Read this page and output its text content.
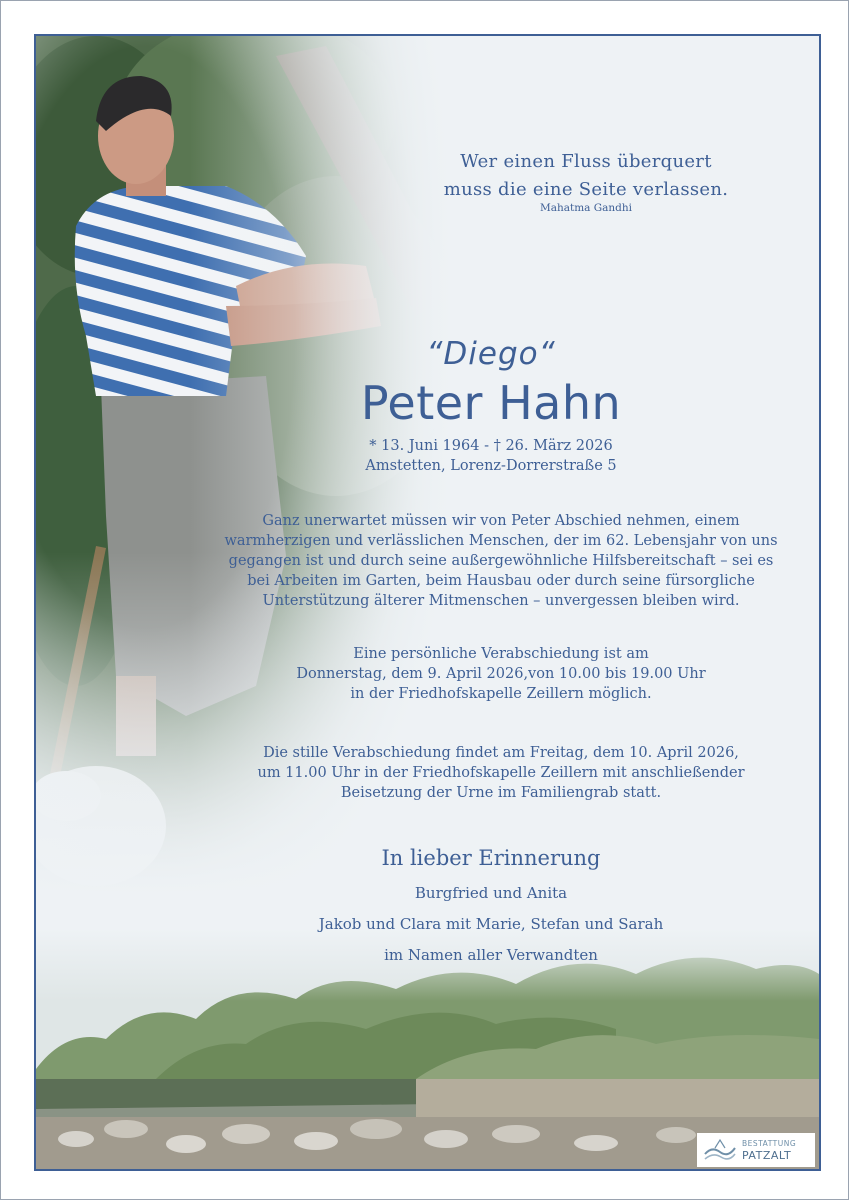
Wer einen Fluss überquert
muss die eine Seite verlassen.
Mahatma Gandhi
“Diego“
Peter Hahn
* 13. Juni 1964 - † 26. März 2026
Amstetten, Lorenz-Dorrerstraße 5
Ganz unerwartet müssen wir von Peter Abschied nehmen, einem
warmherzigen und verlässlichen Menschen, der im 62. Lebensjahr von uns
gegangen ist und durch seine außergewöhnliche Hilfsbereitschaft – sei es
bei Arbeiten im Garten, beim Hausbau oder durch seine fürsorgliche
Unterstützung älterer Mitmenschen – unvergessen bleiben wird.
Eine persönliche Verabschiedung ist am
Donnerstag, dem 9. April 2026,von 10.00 bis 19.00 Uhr
in der Friedhofskapelle Zeillern möglich.
Die stille Verabschiedung findet am Freitag, dem 10. April 2026,
um 11.00 Uhr in der Friedhofskapelle Zeillern mit anschließender
Beisetzung der Urne im Familiengrab statt.
In lieber Erinnerung
Burgfried und Anita
Jakob und Clara mit Marie, Stefan und Sarah
im Namen aller Verwandten
BESTATTUNG
PATZALT
